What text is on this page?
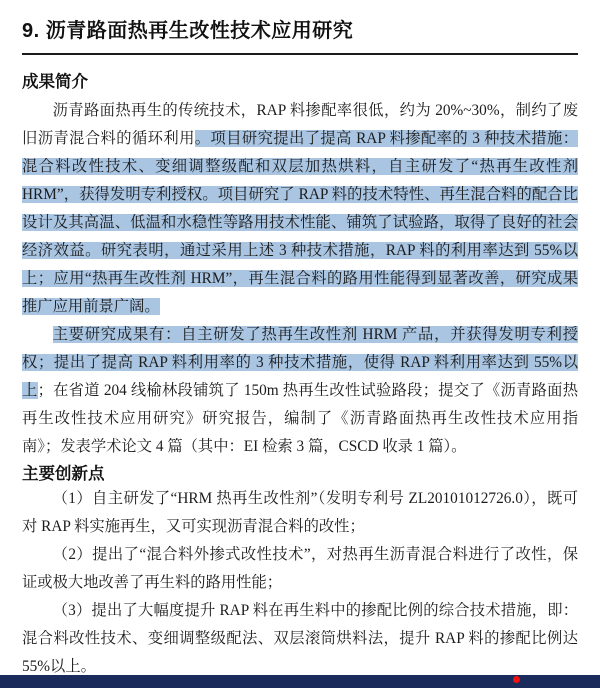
9. 沥青路面热再生改性技术应用研究
成果简介

沥青路面热再生的传统技术，RAP 料掺配率很低，约为 20%~30%，制约了废旧沥青混合料的循环利用。项目研究提出了提高 RAP 料掺配率的 3 种技术措施：混合料改性技术、变细调整级配和双层加热烘料，自主研发了“热再生改性剂 HRM”，获得发明专利授权。项目研究了 RAP 料的技术特性、再生混合料的配合比设计及其高温、低温和水稳性等路用技术性能、铺筑了试验路，取得了良好的社会经济效益。研究表明，通过采用上述 3 种技术措施，RAP 料的利用率达到 55%以上；应用“热再生改性剂 HRM”，再生混合料的路用性能得到显著改善，研究成果推广应用前景广阔。

主要研究成果有：自主研发了热再生改性剂 HRM 产品，并获得发明专利授权；提出了提高 RAP 料利用率的 3 种技术措施，使得 RAP 料利用率达到 55%以上；在省道 204 线榆林段铺筑了 150m 热再生改性试验路段；提交了《沥青路面热再生改性技术应用研究》研究报告，编制了《沥青路面热再生改性技术应用指南》；发表学术论文 4 篇（其中：EI 检索 3 篇，CSCD 收录 1 篇）。

主要创新点

（1）自主研发了“HRM 热再生改性剂”（发明专利号 ZL20101012726.0），既可对 RAP 料实施再生，又可实现沥青混合料的改性；

（2）提出了“混合料外掺式改性技术”，对热再生沥青混合料进行了改性，保证或极大地改善了再生料的路用性能；

（3）提出了大幅度提升 RAP 料在再生料中的掺配比例的综合技术措施，即：混合料改性技术、变细调整级配法、双层滚筒烘料法，提升 RAP 料的掺配比例达 55%以上。
